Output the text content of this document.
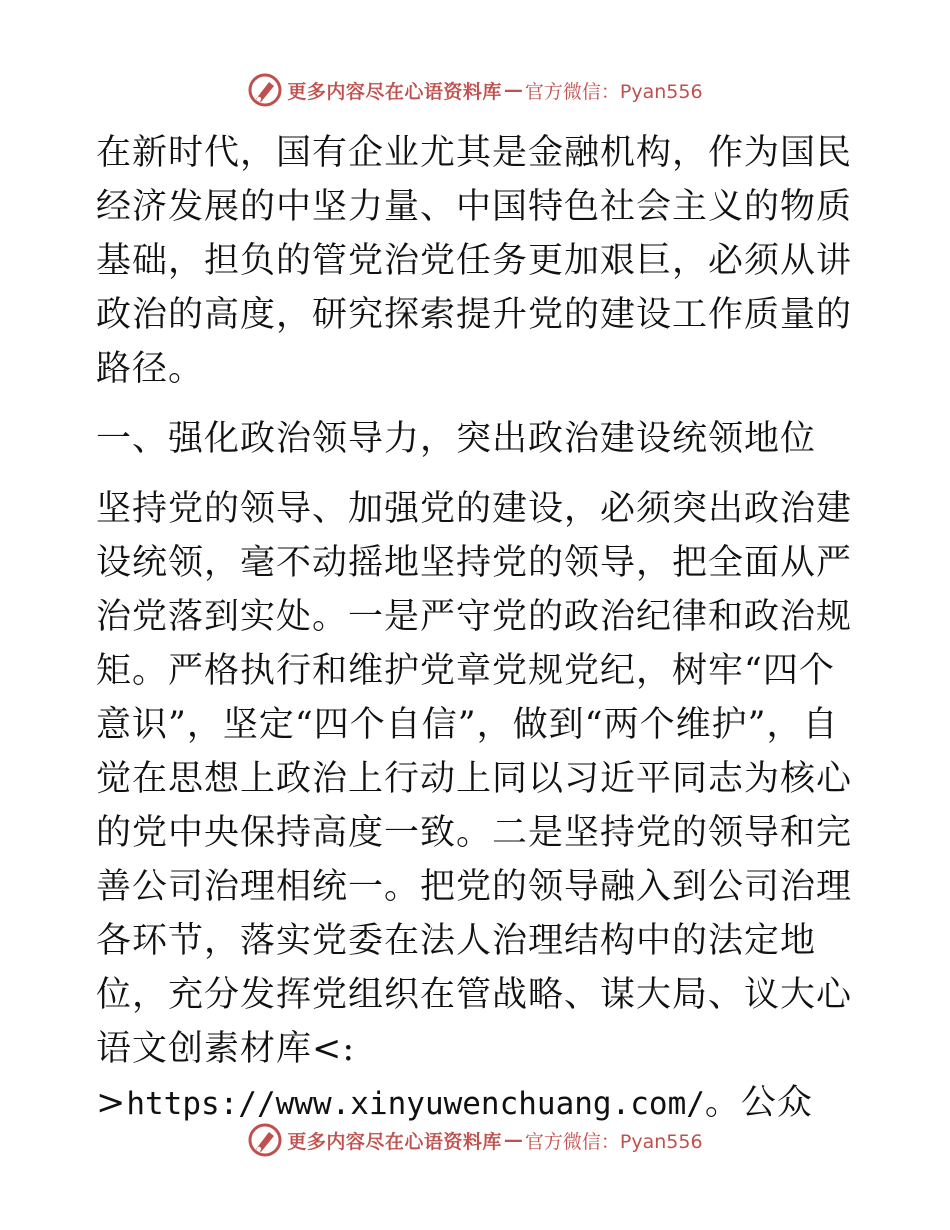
更多内容尽在心语资料库 — 官方微信：Pyan556

在新时代，国有企业尤其是金融机构，作为国民经济发展的中坚力量、中国特色社会主义的物质基础，担负的管党治党任务更加艰巨，必须从讲政治的高度，研究探索提升党的建设工作质量的路径。

一、强化政治领导力，突出政治建设统领地位

坚持党的领导、加强党的建设，必须突出政治建设统领，毫不动摇地坚持党的领导，把全面从严治党落到实处。一是严守党的政治纪律和政治规矩。严格执行和维护党章党规党纪，树牢“四个意识”，坚定“四个自信”，做到“两个维护”，自觉在思想上政治上行动上同以习近平同志为核心的党中央保持高度一致。二是坚持党的领导和完善公司治理相统一。把党的领导融入到公司治理各环节，落实党委在法人治理结构中的法定地位，充分发挥党组织在管战略、谋大局、议大心语文创素材库<: >https://www.xinyuwenchuang.com/。公众

更多内容尽在心语资料库 — 官方微信：Pyan556
